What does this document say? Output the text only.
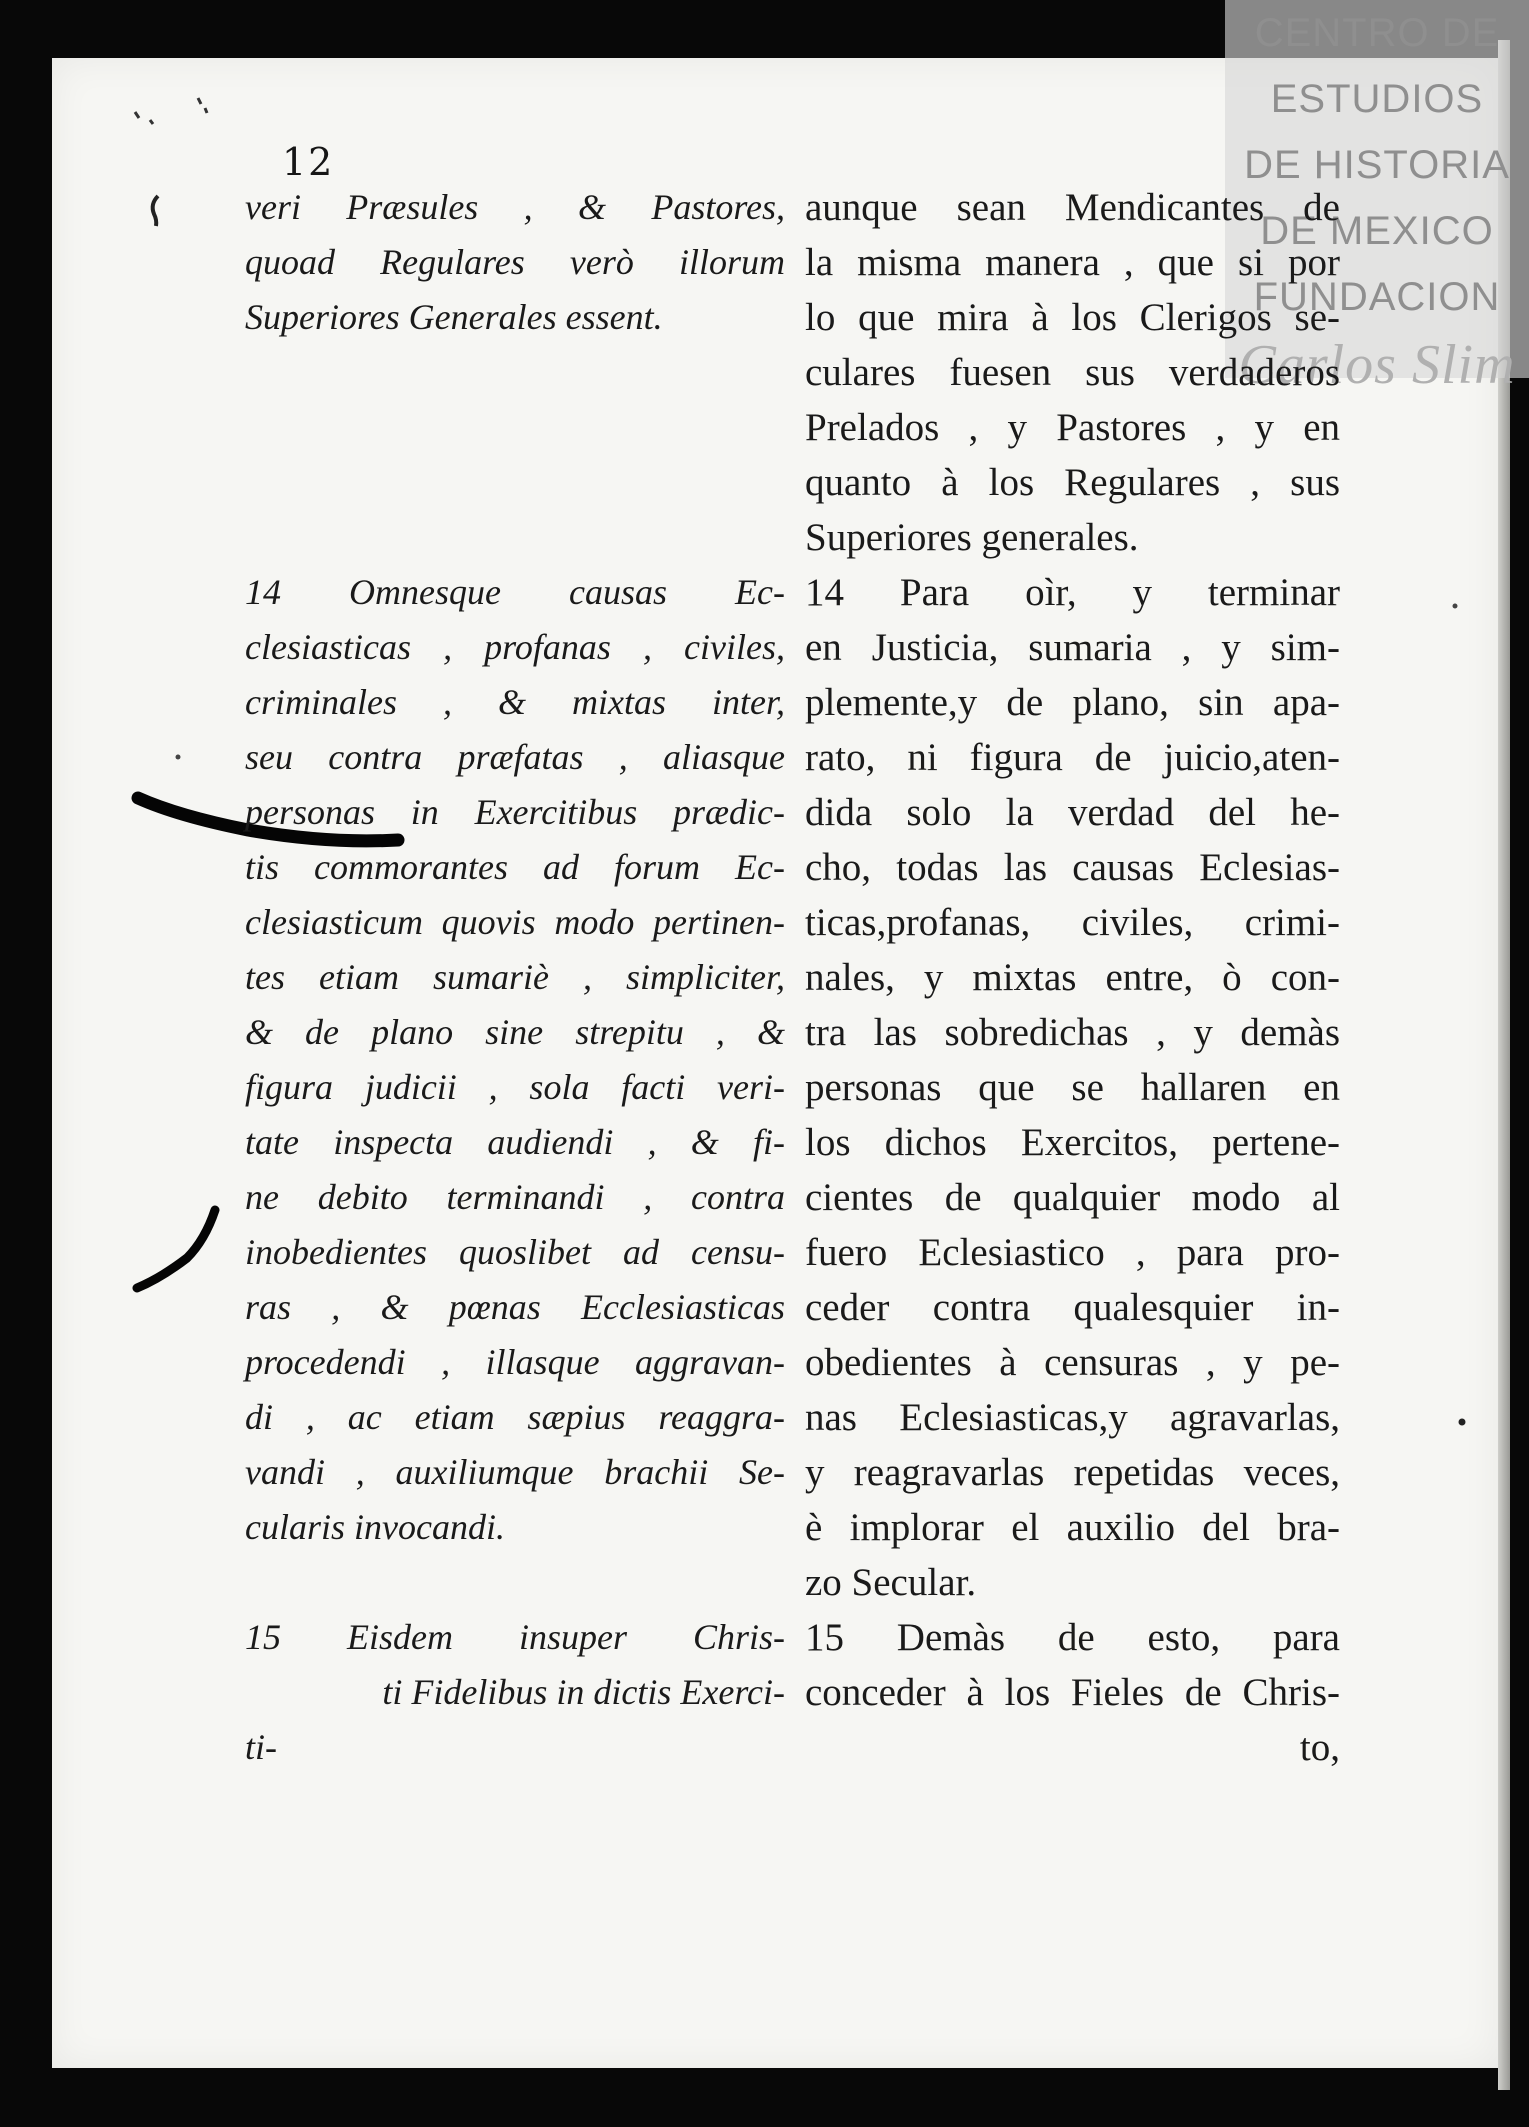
CENTRO DE
ESTUDIOS
DE HISTORIA
DE MEXICO
FUNDACION
Carlos Slim
12
veri Præsules , & Pastores,
quoad Regulares verò illorum
Superiores Generales essent.
14 Omnesque causas Ec-
clesiasticas , profanas , civiles,
criminales , & mixtas inter,
seu contra præfatas , aliasque
personas in Exercitibus prædic-
tis commorantes ad forum Ec-
clesiasticum quovis modo pertinen-
tes etiam sumariè , simpliciter,
& de plano sine strepitu , &
figura judicii , sola facti veri-
tate inspecta audiendi , & fi-
ne debito terminandi , contra
inobedientes quoslibet ad censu-
ras , & pœnas Ecclesiasticas
procedendi , illasque aggravan-
di , ac etiam sæpius reaggra-
vandi , auxiliumque brachii Se-
cularis invocandi.
15 Eisdem insuper Chris-
ti Fidelibus in dictis Exerci-
ti-
aunque sean Mendicantes de
la misma manera , que si por
lo que mira à los Clerigos se-
culares fuesen sus verdaderos
Prelados , y Pastores , y en
quanto à los Regulares , sus
Superiores generales.
14 Para oìr, y terminar
en Justicia, sumaria , y sim-
plemente,y de plano, sin apa-
rato, ni figura de juicio,aten-
dida solo la verdad del he-
cho, todas las causas Eclesias-
ticas,profanas, civiles, crimi-
nales, y mixtas entre, ò con-
tra las sobredichas , y demàs
personas que se hallaren en
los dichos Exercitos, pertene-
cientes de qualquier modo al
fuero Eclesiastico , para pro-
ceder contra qualesquier in-
obedientes à censuras , y pe-
nas Eclesiasticas,y agravarlas,
y reagravarlas repetidas veces,
è implorar el auxilio del bra-
zo Secular.
15 Demàs de esto, para
conceder à los Fieles de Chris-
to,
